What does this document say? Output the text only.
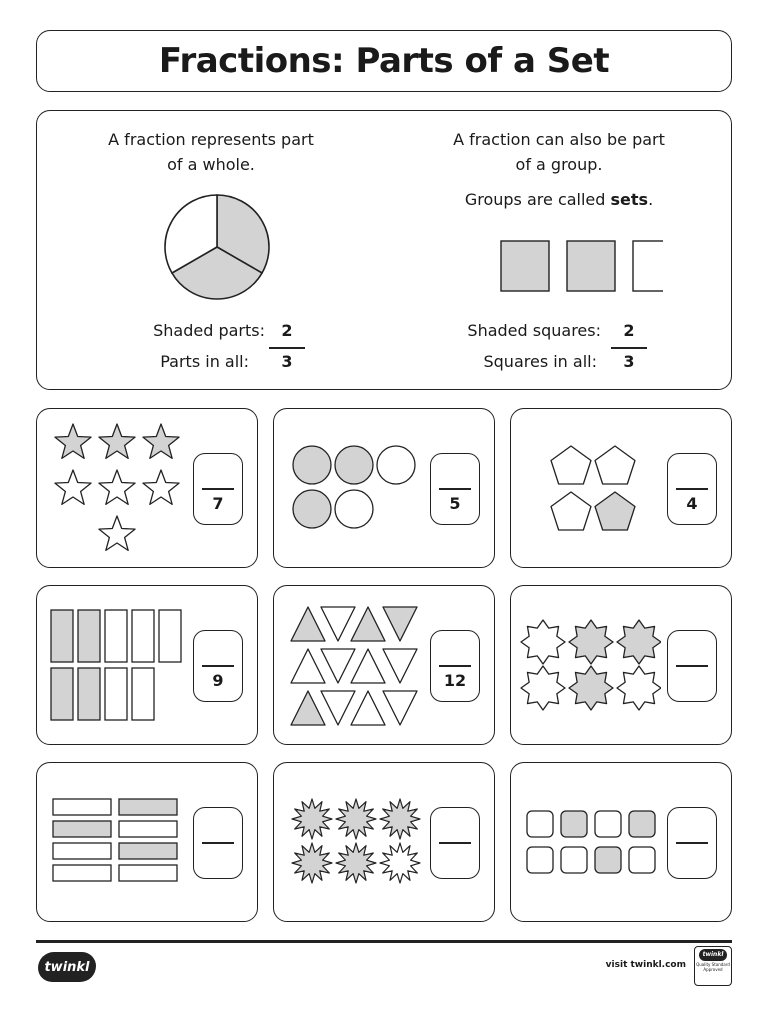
Fractions: Parts of a Set

A fraction represents part
of a whole.

Shaded parts:	2
Parts in all:	3

A fraction can also be part
of a group.

Groups are called sets.

Shaded squares:	2
Squares in all:	3
7	5	4
9	12
twinkl	visit twinkl.com
twinkl
Quality Standard
Approved
